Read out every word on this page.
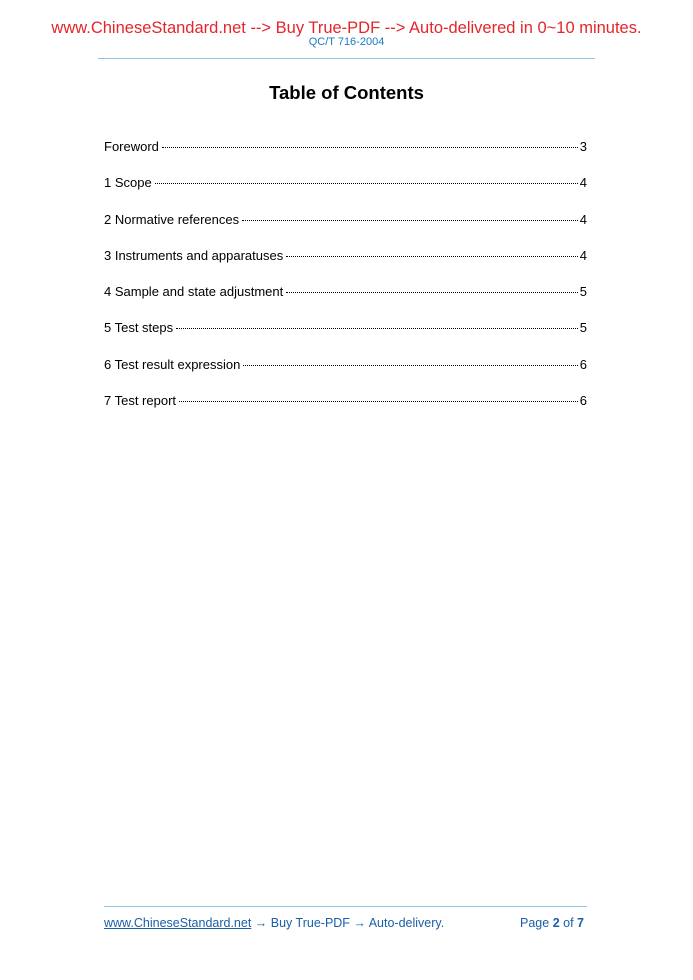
www.ChineseStandard.net --> Buy True-PDF --> Auto-delivered in 0~10 minutes.
QC/T 716-2004
Table of Contents
Foreword	3
1 Scope	4
2 Normative references	4
3 Instruments and apparatuses	4
4 Sample and state adjustment	5
5 Test steps	5
6 Test result expression	6
7 Test report	6
www.ChineseStandard.net → Buy True-PDF → Auto-delivery.	Page 2 of 7
